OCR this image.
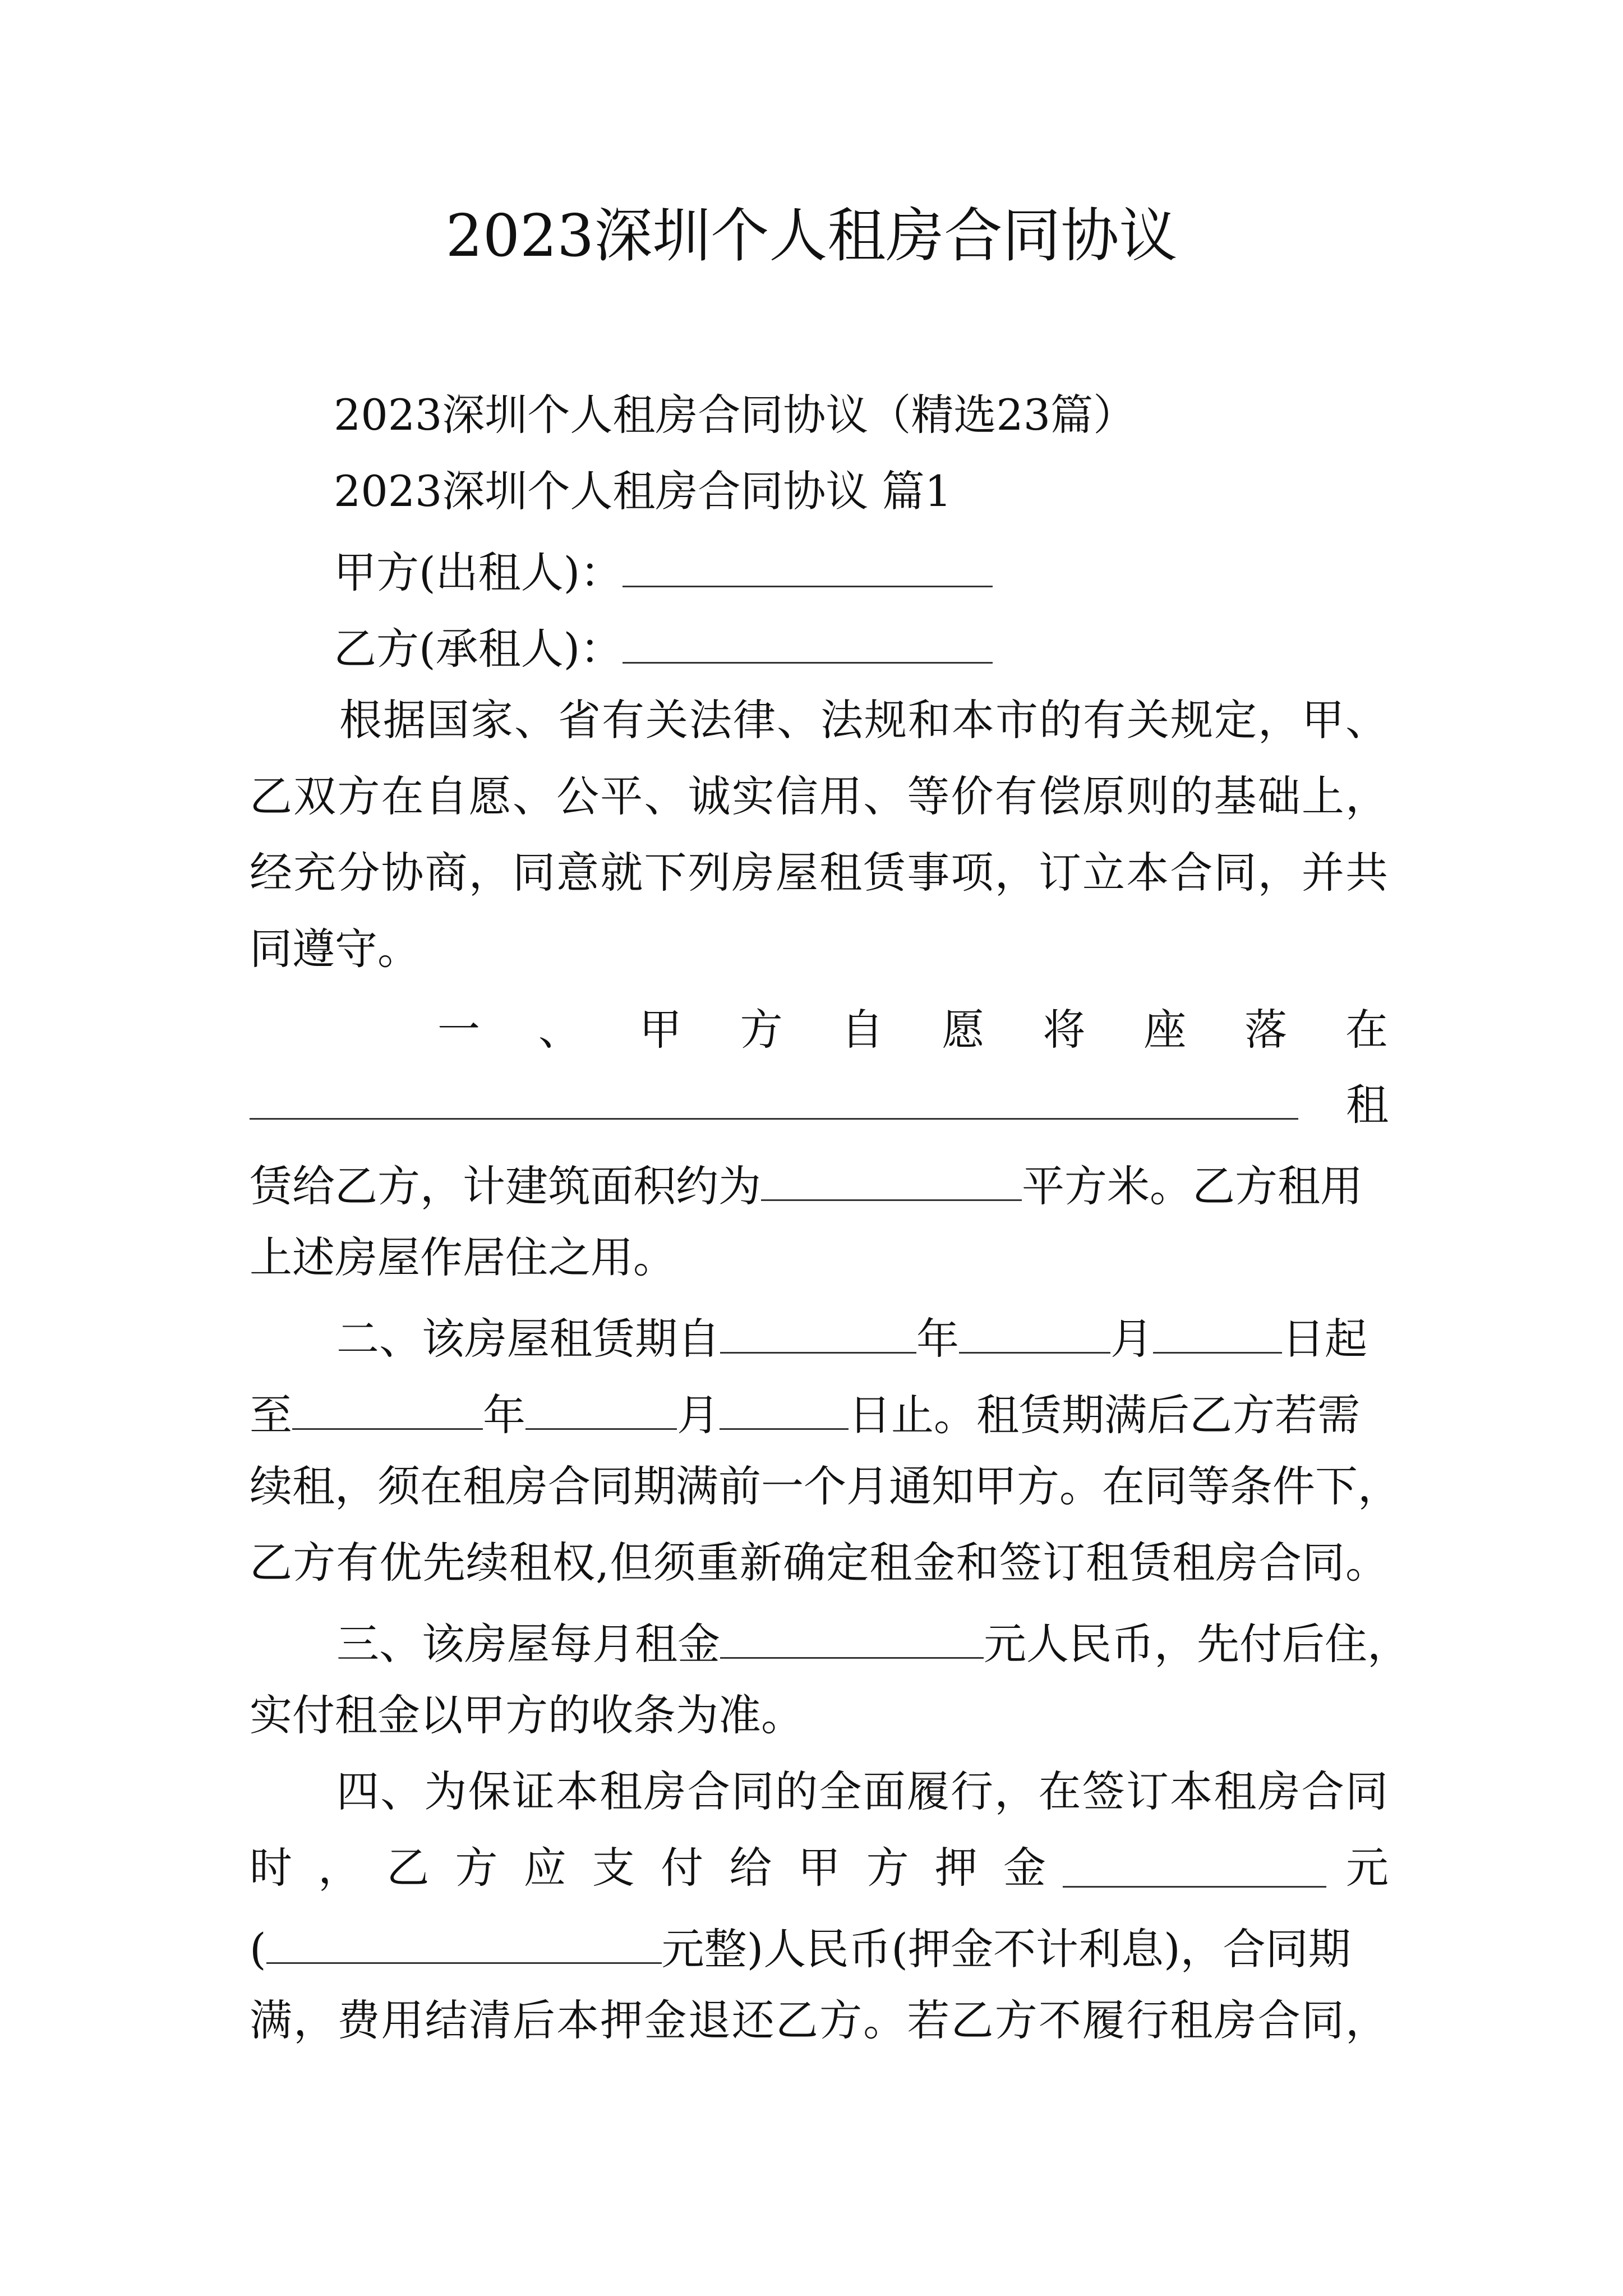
2023深圳个人租房合同协议
2023深圳个人租房合同协议（精选23篇）
2023深圳个人租房合同协议 篇1
甲方(出租人)：
乙方(承租人)：
根据国家、省有关法律、法规和本市的有关规定，甲、
乙双方在自愿、公平、诚实信用、等价有偿原则的基础上，
经充分协商，同意就下列房屋租赁事项，订立本合同，并共
同遵守。
一、甲方自愿将座落在
租
赁给乙方，计建筑面积约为	平方米。乙方租用
上述房屋作居住之用。
二、该房屋租赁期自	年	月	日起
至	年	月	日止。租赁期满后乙方若需
续租，须在租房合同期满前一个月通知甲方。在同等条件下，
乙方有优先续租权,但须重新确定租金和签订租赁租房合同。
三、该房屋每月租金	元人民币，先付后住，
实付租金以甲方的收条为准。
四、为保证本租房合同的全面履行，在签订本租房合同
时，乙方应支付给甲方押金	元
(	元整)人民币(押金不计利息)，合同期
满，费用结清后本押金退还乙方。若乙方不履行租房合同，
